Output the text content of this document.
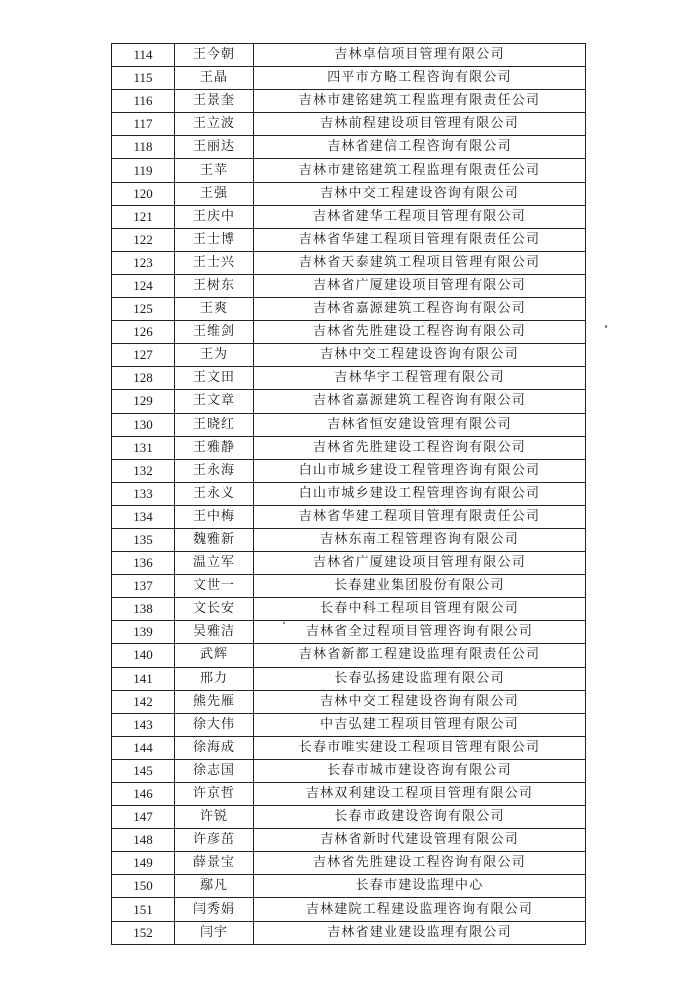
114	王今朝	吉林卓信项目管理有限公司
115	王晶	四平市方略工程咨询有限公司
116	王景奎	吉林市建铭建筑工程监理有限责任公司
117	王立波	吉林前程建设项目管理有限公司
118	王丽达	吉林省建信工程咨询有限公司
119	王苹	吉林市建铭建筑工程监理有限责任公司
120	王强	吉林中交工程建设咨询有限公司
121	王庆中	吉林省建华工程项目管理有限公司
122	王士博	吉林省华建工程项目管理有限责任公司
123	王士兴	吉林省天泰建筑工程项目管理有限公司
124	王树东	吉林省广厦建设项目管理有限公司
125	王爽	吉林省嘉源建筑工程咨询有限公司
126	王维剑	吉林省先胜建设工程咨询有限公司
127	王为	吉林中交工程建设咨询有限公司
128	王文田	吉林华宇工程管理有限公司
129	王文章	吉林省嘉源建筑工程咨询有限公司
130	王晓红	吉林省恒安建设管理有限公司
131	王雅静	吉林省先胜建设工程咨询有限公司
132	王永海	白山市城乡建设工程管理咨询有限公司
133	王永义	白山市城乡建设工程管理咨询有限公司
134	王中梅	吉林省华建工程项目管理有限责任公司
135	魏雅新	吉林东南工程管理咨询有限公司
136	温立军	吉林省广厦建设项目管理有限公司
137	文世一	长春建业集团股份有限公司
138	文长安	长春中科工程项目管理有限公司
139	吴雅洁	吉林省全过程项目管理咨询有限公司
140	武辉	吉林省新都工程建设监理有限责任公司
141	邢力	长春弘扬建设监理有限公司
142	熊先雁	吉林中交工程建设咨询有限公司
143	徐大伟	中吉弘建工程项目管理有限公司
144	徐海成	长春市唯实建设工程项目管理有限公司
145	徐志国	长春市城市建设咨询有限公司
146	许京哲	吉林双利建设工程项目管理有限公司
147	许锐	长春市政建设咨询有限公司
148	许彦茁	吉林省新时代建设管理有限公司
149	薛景宝	吉林省先胜建设工程咨询有限公司
150	鄢凡	长春市建设监理中心
151	闫秀娟	吉林建院工程建设监理咨询有限公司
152	闫宇	吉林省建业建设监理有限公司
